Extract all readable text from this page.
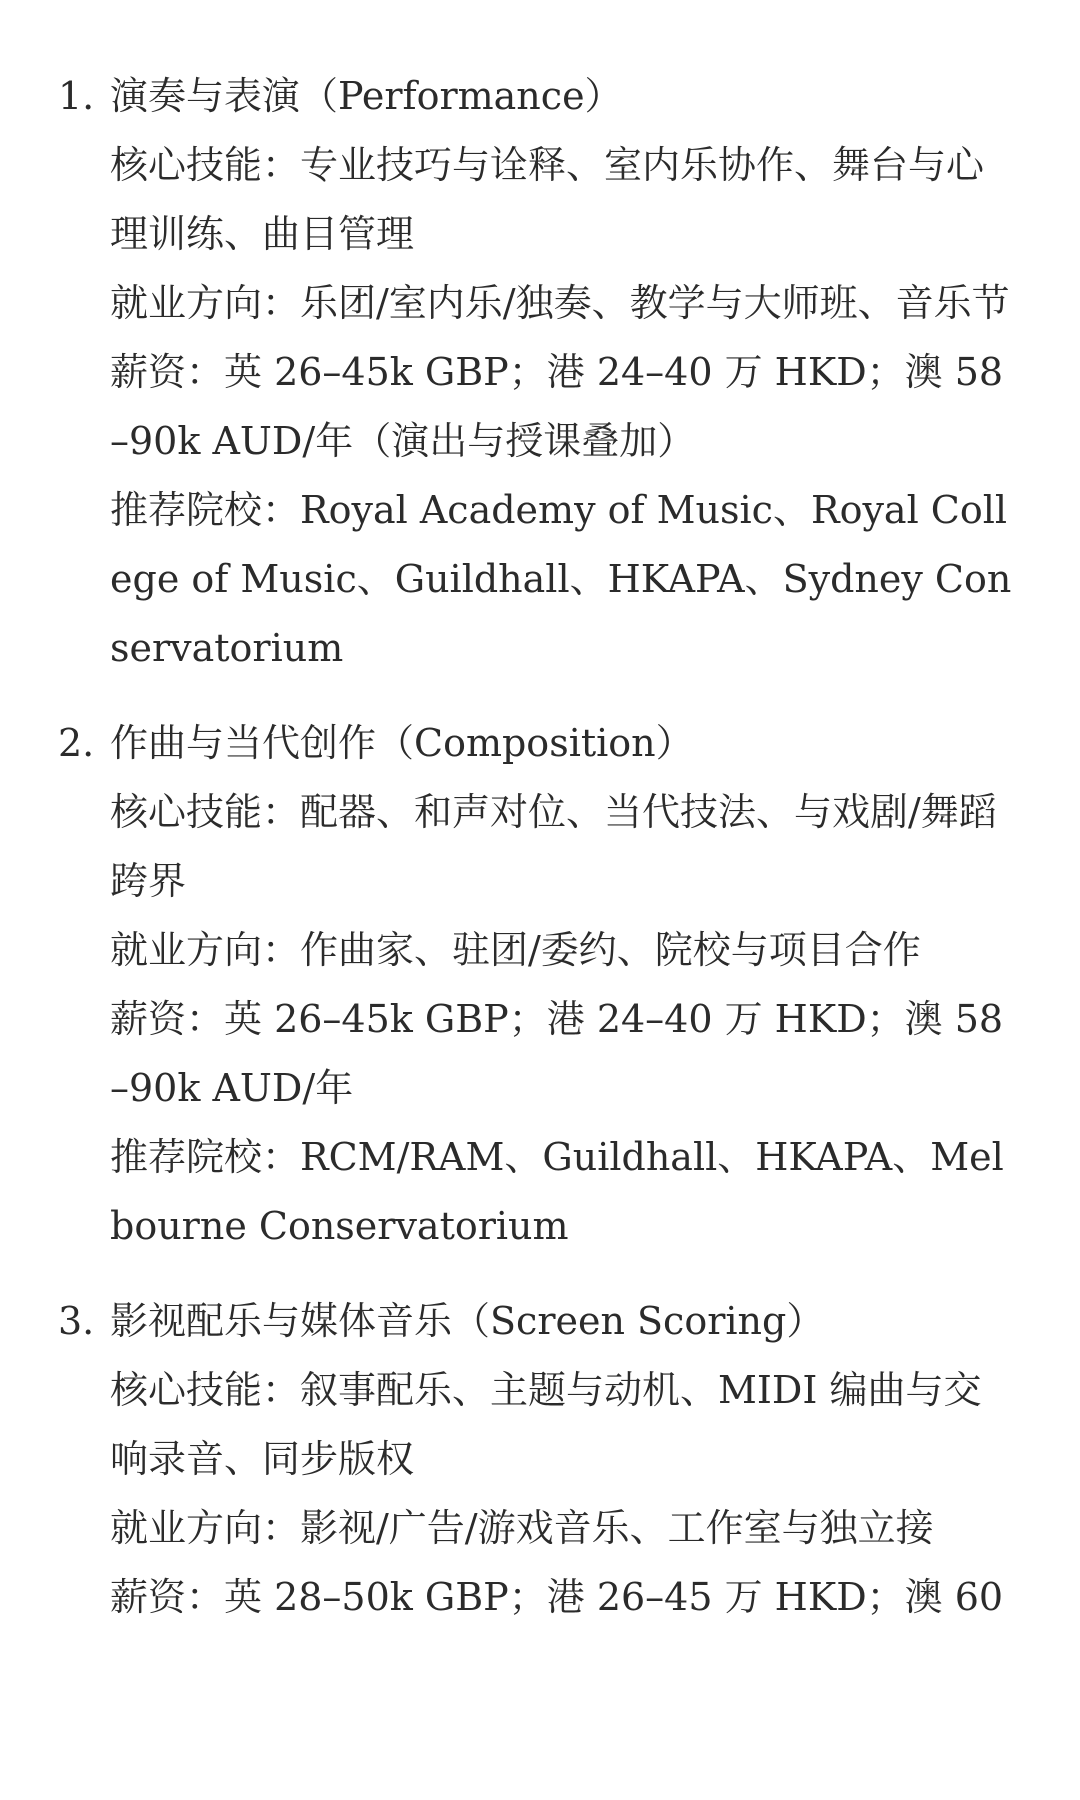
1. 演奏与表演（Performance）
核心技能：专业技巧与诠释、室内乐协作、舞台与心理训练、曲目管理
就业方向：乐团/室内乐/独奏、教学与大师班、音乐节
薪资：英 26–45k GBP；港 24–40 万 HKD；澳 58–90k AUD/年（演出与授课叠加）
推荐院校：Royal Academy of Music、Royal College of Music、Guildhall、HKAPA、Sydney Conservatorium
2. 作曲与当代创作（Composition）
核心技能：配器、和声对位、当代技法、与戏剧/舞蹈跨界
就业方向：作曲家、驻团/委约、院校与项目合作
薪资：英 26–45k GBP；港 24–40 万 HKD；澳 58–90k AUD/年
推荐院校：RCM/RAM、Guildhall、HKAPA、Melbourne Conservatorium
3. 影视配乐与媒体音乐（Screen Scoring）
核心技能：叙事配乐、主题与动机、MIDI 编曲与交响录音、同步版权
就业方向：影视/广告/游戏音乐、工作室与独立接
薪资：英 28–50k GBP；港 26–45 万 HKD；澳 60
